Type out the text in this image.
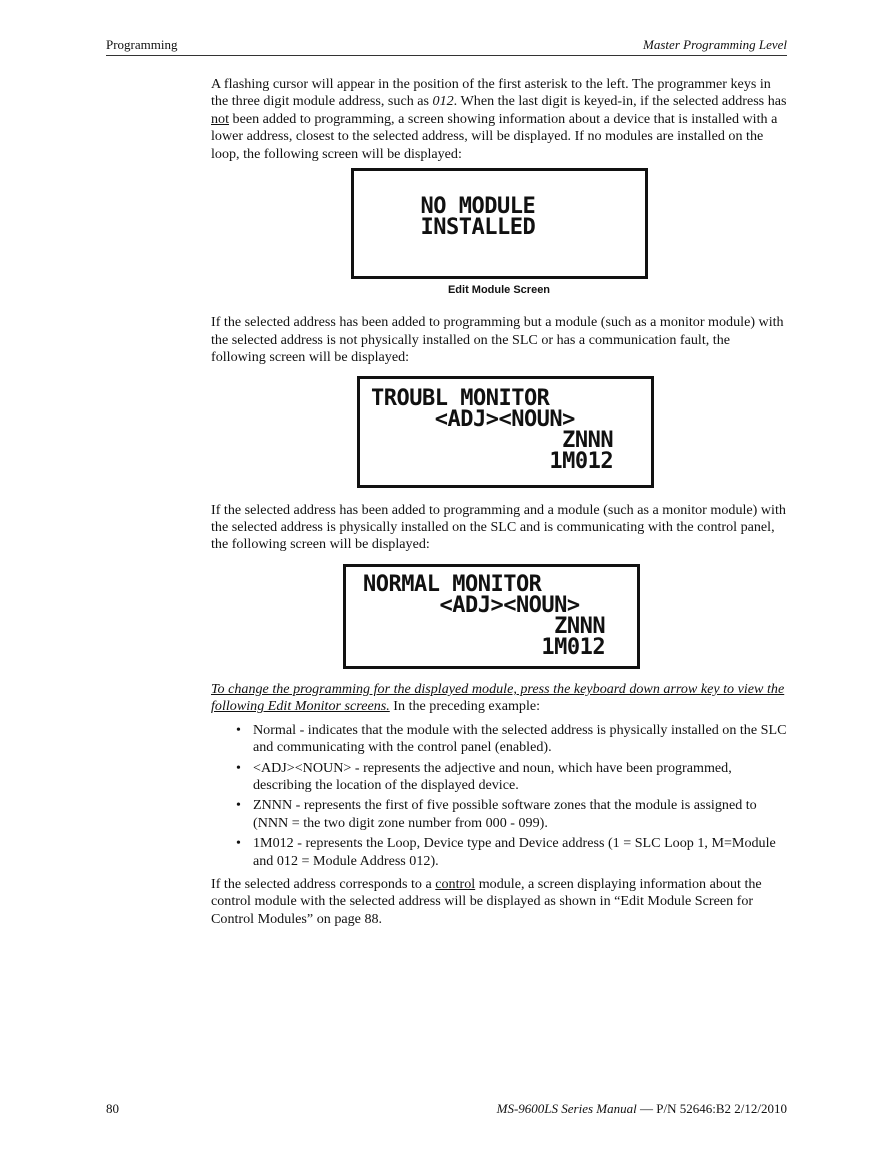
Programming	Master Programming Level

A flashing cursor will appear in the position of the first asterisk to the left. The programmer keys in the three digit module address, such as 012. When the last digit is keyed-in, if the selected address has not been added to programming, a screen showing information about a device that is installed with a lower address, closest to the selected address, will be displayed. If no modules are installed on the loop, the following screen will be displayed:

NO MODULE
INSTALLED
Edit Module Screen

If the selected address has been added to programming but a module (such as a monitor module) with the selected address is not physically installed on the SLC or has a communication fault, the following screen will be displayed:

TROUBL MONITOR
<ADJ><NOUN>
ZNNN
1M012

If the selected address has been added to programming and a module (such as a monitor module) with the selected address is physically installed on the SLC and is communicating with the control panel, the following screen will be displayed:

NORMAL MONITOR
<ADJ><NOUN>
ZNNN
1M012

To change the programming for the displayed module, press the keyboard down arrow key to view the following Edit Monitor screens. In the preceding example:

• Normal - indicates that the module with the selected address is physically installed on the SLC and communicating with the control panel (enabled).
• <ADJ><NOUN> - represents the adjective and noun, which have been programmed, describing the location of the displayed device.
• ZNNN - represents the first of five possible software zones that the module is assigned to (NNN = the two digit zone number from 000 - 099).
• 1M012 - represents the Loop, Device type and Device address (1 = SLC Loop 1, M=Module and 012 = Module Address 012).

If the selected address corresponds to a control module, a screen displaying information about the control module with the selected address will be displayed as shown in “Edit Module Screen for Control Modules” on page 88.

80	MS-9600LS Series Manual — P/N 52646:B2 2/12/2010
